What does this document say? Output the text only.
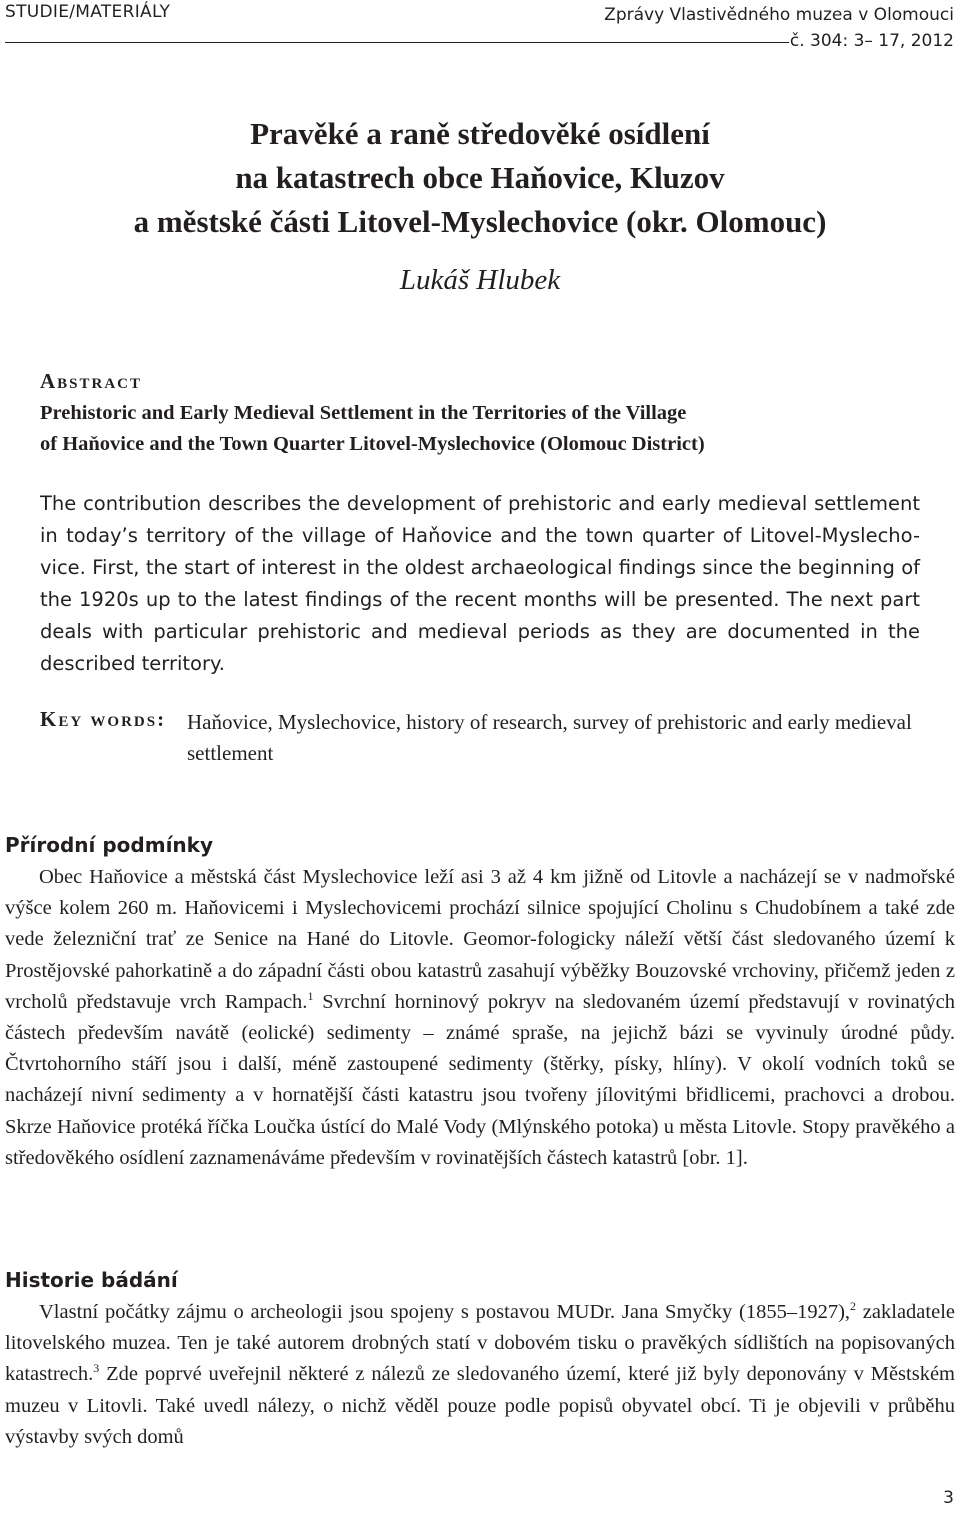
STUDIE/MATERIÁLY	Zprávy Vlastivědného muzea v Olomouci
č. 304: 3– 17, 2012
Pravěké a raně středověké osídlení
na katastrech obce Haňovice, Kluzov
a městské části Litovel-Myslechovice (okr. Olomouc)
Lukáš Hlubek
Abstract
Prehistoric and Early Medieval Settlement in the Territories of the Village
of Haňovice and the Town Quarter Litovel-Myslechovice (Olomouc District)
The contribution describes the development of prehistoric and early medieval settlement in today’s territory of the village of Haňovice and the town quarter of Litovel-Myslecho-vice. First, the start of interest in the oldest archaeological findings since the beginning of the 1920s up to the latest findings of the recent months will be presented. The next part deals with particular prehistoric and medieval periods as they are documented in the described territory.
Key words: Haňovice, Myslechovice, history of research, survey of prehistoric and early medieval settlement
Přírodní podmínky
Obec Haňovice a městská část Myslechovice leží asi 3 až 4 km jižně od Litovle a nacházejí se v nadmořské výšce kolem 260 m. Haňovicemi i Myslechovicemi prochází silnice spojující Cholinu s Chudobínem a také zde vede železniční trať ze Senice na Hané do Litovle. Geomor-fologicky náleží větší část sledovaného území k Prostějovské pahorkatině a do západní části obou katastrů zasahují výběžky Bouzovské vrchoviny, přičemž jeden z vrcholů představuje vrch Rampach.$^1$ Svrchní horninový pokryv na sledovaném území představují v rovinatých částech především navátě (eolické) sedimenty – známé spraše, na jejichž bázi se vyvinuly úrodné půdy. Čtvrtohorního stáří jsou i další, méně zastoupené sedimenty (štěrky, písky, hlíny). V okolí vodních toků se nacházejí nivní sedimenty a v hornatější části katastru jsou tvořeny jílovitými břidlicemi, prachovci a drobou. Skrze Haňovice protéká říčka Loučka ústící do Malé Vody (Mlýnského potoka) u města Litovle. Stopy pravěkého a středověkého osídlení zaznamenáváme především v rovinatějších částech katastrů [obr. 1].
Historie bádání
Vlastní počátky zájmu o archeologii jsou spojeny s postavou MUDr. Jana Smyčky (1855–1927),$^2$ zakladatele litovelského muzea. Ten je také autorem drobných statí v dobovém tisku o pravěkých sídlištích na popisovaných katastrech.$^3$ Zde poprvé uveřejnil některé z nálezů ze sledovaného území, které již byly deponovány v Městském muzeu v Litovli. Také uvedl nálezy, o nichž věděl pouze podle popisů obyvatel obcí. Ti je objevili v průběhu výstavby svých domů
3
